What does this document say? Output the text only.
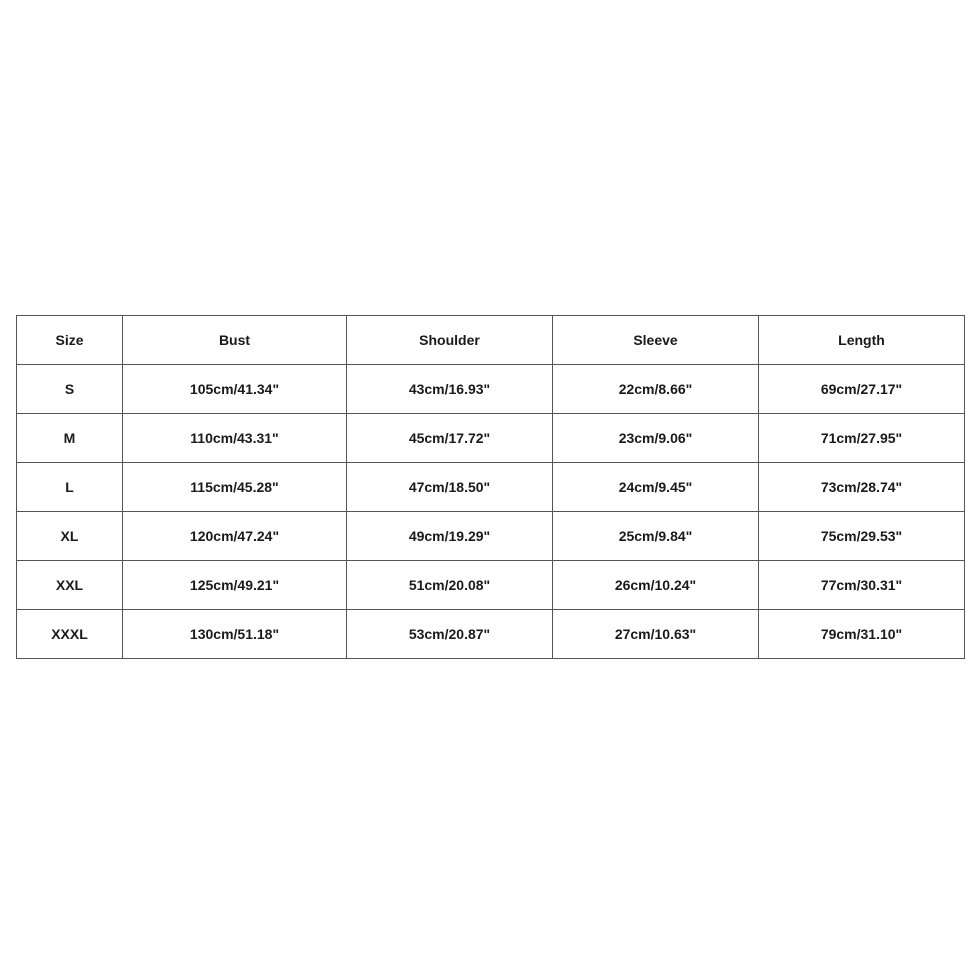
Size	Bust	Shoulder	Sleeve	Length
S	105cm/41.34"	43cm/16.93"	22cm/8.66"	69cm/27.17"
M	110cm/43.31"	45cm/17.72"	23cm/9.06"	71cm/27.95"
L	115cm/45.28"	47cm/18.50"	24cm/9.45"	73cm/28.74"
XL	120cm/47.24"	49cm/19.29"	25cm/9.84"	75cm/29.53"
XXL	125cm/49.21"	51cm/20.08"	26cm/10.24"	77cm/30.31"
XXXL	130cm/51.18"	53cm/20.87"	27cm/10.63"	79cm/31.10"
